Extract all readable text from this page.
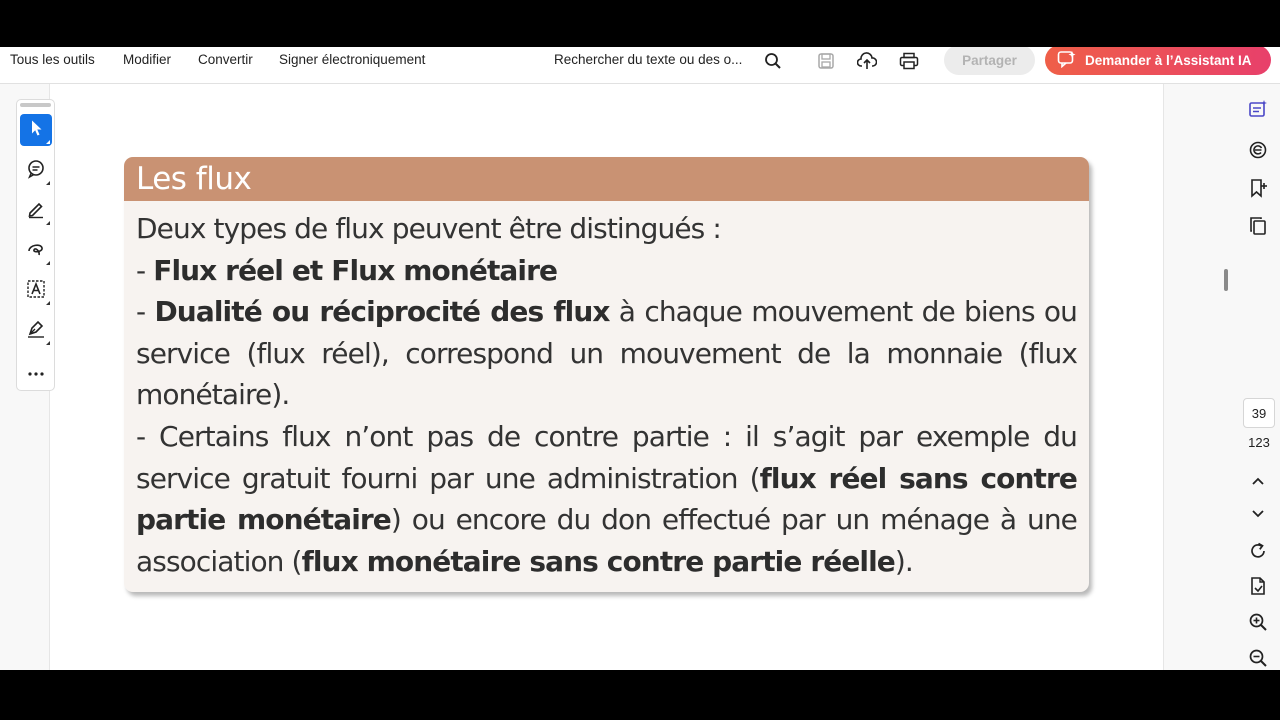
Tous les outils Modifier Convertir Signer électroniquement	Rechercher du texte ou des o...	Partager	Demander à l’Assistant IA
Les flux

Deux types de flux peuvent être distingués :

- Flux réel et Flux monétaire

- Dualité ou réciprocité des flux à chaque mouvement de biens ou service (flux réel), correspond un mouvement de la monnaie (flux monétaire).

- Certains flux n’ont pas de contre partie : il s’agit par exemple du service gratuit fourni par une administration (flux réel sans contre partie monétaire) ou encore du don effectué par un ménage à une association (flux monétaire sans contre partie réelle).

39
123
